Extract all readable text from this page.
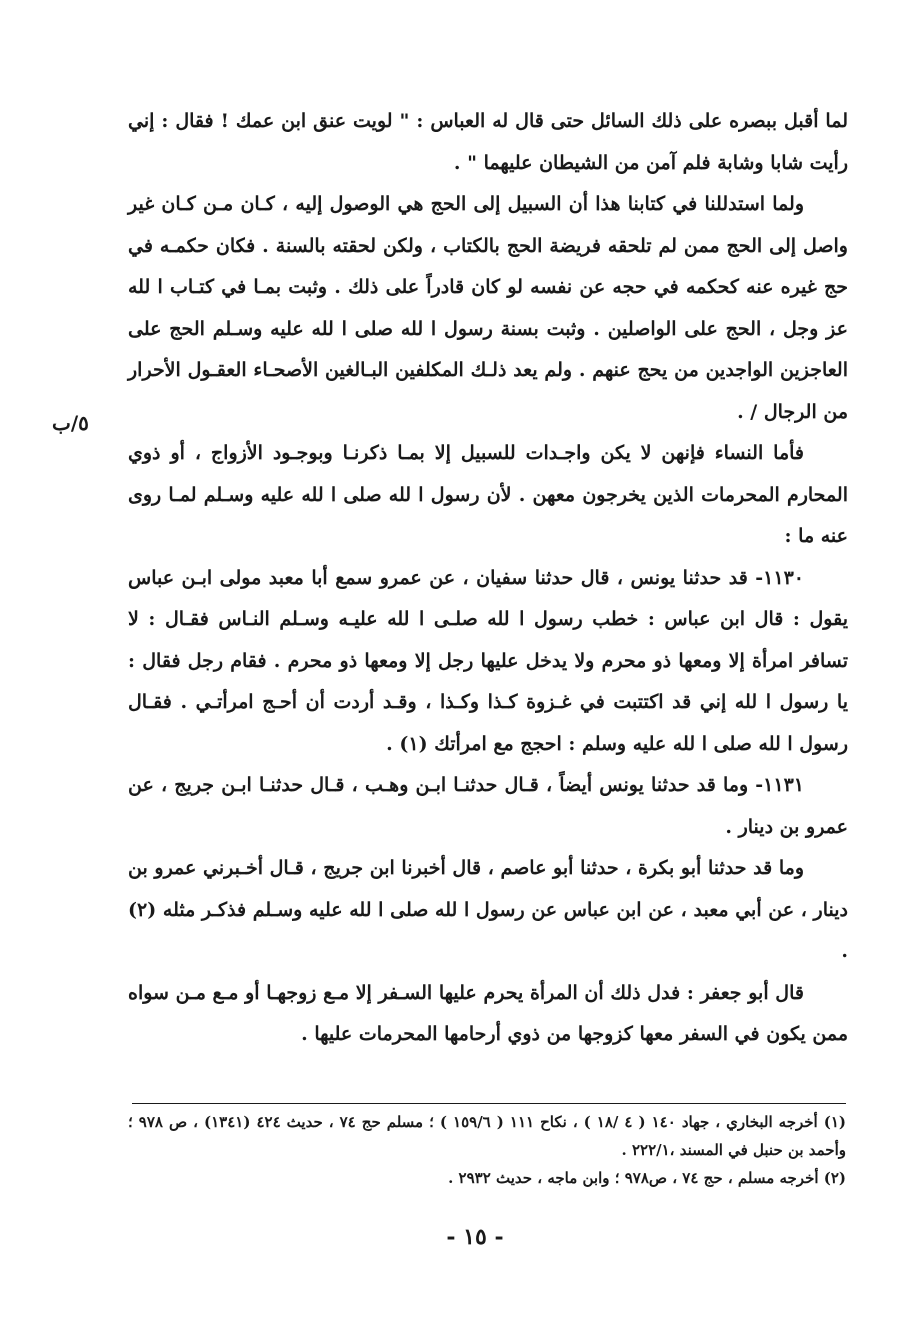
لما أقبل ببصره على ذلك السائل حتى قال له العباس : " لويت عنق ابن عمك ! فقال : إني رأيت شابا وشابة فلم آمن من الشيطان عليهما " .

ولما استدللنا في كتابنا هذا أن السبيل إلى الحج هي الوصول إليه ، كـان مـن كـان غير واصل إلى الحج ممن لم تلحقه فريضة الحج بالكتاب ، ولكن لحقته بالسنة . فكان حكمـه في حج غيره عنه كحكمه في حجه عن نفسه لو كان قادراً على ذلك . وثبت بمـا في كتـاب ا لله عز وجل ، الحج على الواصلين . وثبت بسنة رسول ا لله صلى ا لله عليه وسـلم الحج على العاجزين الواجدين من يحج عنهم . ولم يعد ذلـك المكلفين البـالغين الأصحـاء العقـول الأحرار من الرجال / .

فأما النساء فإنهن لا يكن واجـدات للسبيل إلا بمـا ذكرنـا وبوجـود الأزواج ، أو ذوي المحارم المحرمات الذين يخرجون معهن . لأن رسول ا لله صلى ا لله عليه وسـلم لمـا روى عنه ما :

١١٣٠- قد حدثنا يونس ، قال حدثنا سفيان ، عن عمرو سمع أبا معبد مولى ابـن عباس يقول : قال ابن عباس : خطب رسول ا لله صلـى ا لله عليـه وسـلم النـاس فقـال : لا تسافر امرأة إلا ومعها ذو محرم ولا يدخل عليها رجل إلا ومعها ذو محرم . فقام رجل فقال : يا رسول ا لله إني قد اكتتبت في غـزوة كـذا وكـذا ، وقـد أردت أن أحـج امرأتـي . فقـال رسول ا لله صلى ا لله عليه وسلم : احجج مع امرأتك (١) .

١١٣١- وما قد حدثنا يونس أيضاً ، قـال حدثنـا ابـن وهـب ، قـال حدثنـا ابـن جريج ، عن عمرو بن دينار .

وما قد حدثنا أبو بكرة ، حدثنا أبو عاصم ، قال أخبرنا ابن جريج ، قـال أخـبرني عمرو بن دينار ، عن أبي معبد ، عن ابن عباس عن رسول ا لله صلى ا لله عليه وسـلم فذكـر مثله (٢) .

قال أبو جعفر : فدل ذلك أن المرأة يحرم عليها السـفر إلا مـع زوجهـا أو مـع مـن سواه ممن يكون في السفر معها كزوجها من ذوي أرحامها المحرمات عليها .

٥/ب

(١) أخرجه البخاري ، جهاد ١٤٠ ( ٤ /١٨ ) ، نكاح ١١١ ( ١٥٩/٦ ) ؛ مسلم حج ٧٤ ، حديث ٤٢٤ (١٣٤١) ، ص ٩٧٨ ؛ وأحمد بن حنبل في المسند ،٢٢٢/١ .

(٢) أخرجه مسلم ، حج ٧٤ ، ص٩٧٨ ؛ وابن ماجه ، حديث ٢٩٣٢ .

- ١٥ -
